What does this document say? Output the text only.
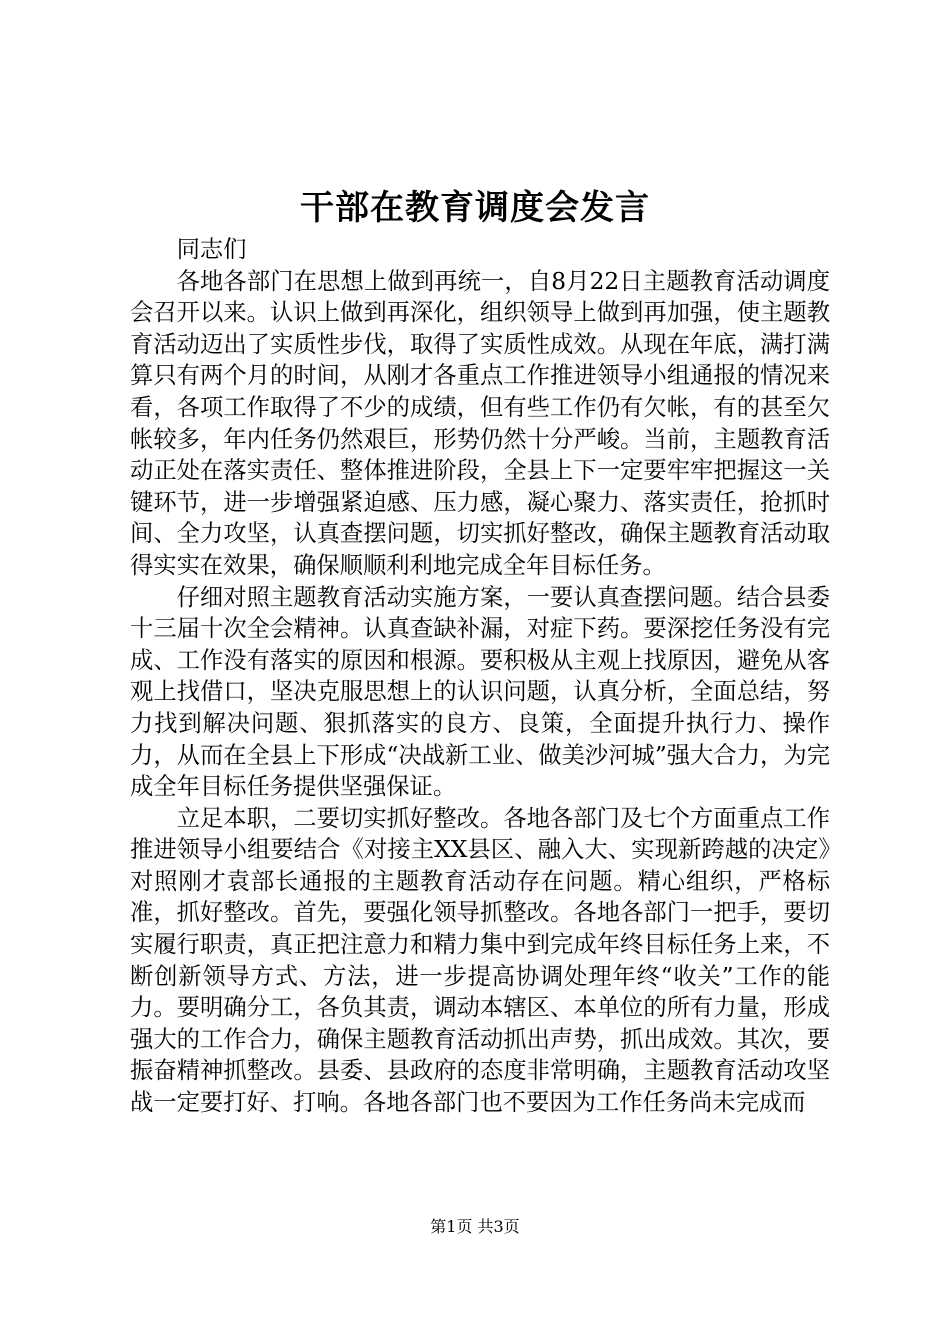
干部在教育调度会发言

同志们

各地各部门在思想上做到再统一，自8月22日主题教育活动调度会召开以来。认识上做到再深化，组织领导上做到再加强，使主题教育活动迈出了实质性步伐，取得了实质性成效。从现在年底，满打满算只有两个月的时间，从刚才各重点工作推进领导小组通报的情况来看，各项工作取得了不少的成绩，但有些工作仍有欠帐，有的甚至欠帐较多，年内任务仍然艰巨，形势仍然十分严峻。当前，主题教育活动正处在落实责任、整体推进阶段，全县上下一定要牢牢把握这一关键环节，进一步增强紧迫感、压力感，凝心聚力、落实责任，抢抓时间、全力攻坚，认真查摆问题，切实抓好整改，确保主题教育活动取得实实在效果，确保顺顺利利地完成全年目标任务。

仔细对照主题教育活动实施方案，一要认真查摆问题。结合县委十三届十次全会精神。认真查缺补漏，对症下药。要深挖任务没有完成、工作没有落实的原因和根源。要积极从主观上找原因，避免从客观上找借口，坚决克服思想上的认识问题，认真分析，全面总结，努力找到解决问题、狠抓落实的良方、良策，全面提升执行力、操作力，从而在全县上下形成“决战新工业、做美沙河城”强大合力，为完成全年目标任务提供坚强保证。

立足本职，二要切实抓好整改。各地各部门及七个方面重点工作推进领导小组要结合《对接主XX县区、融入大、实现新跨越的决定》对照刚才袁部长通报的主题教育活动存在问题。精心组织，严格标准，抓好整改。首先，要强化领导抓整改。各地各部门一把手，要切实履行职责，真正把注意力和精力集中到完成年终目标任务上来，不断创新领导方式、方法，进一步提高协调处理年终“收关”工作的能力。要明确分工，各负其责，调动本辖区、本单位的所有力量，形成强大的工作合力，确保主题教育活动抓出声势，抓出成效。其次，要振奋精神抓整改。县委、县政府的态度非常明确，主题教育活动攻坚战一定要打好、打响。各地各部门也不要因为工作任务尚未完成而

第1页 共3页
